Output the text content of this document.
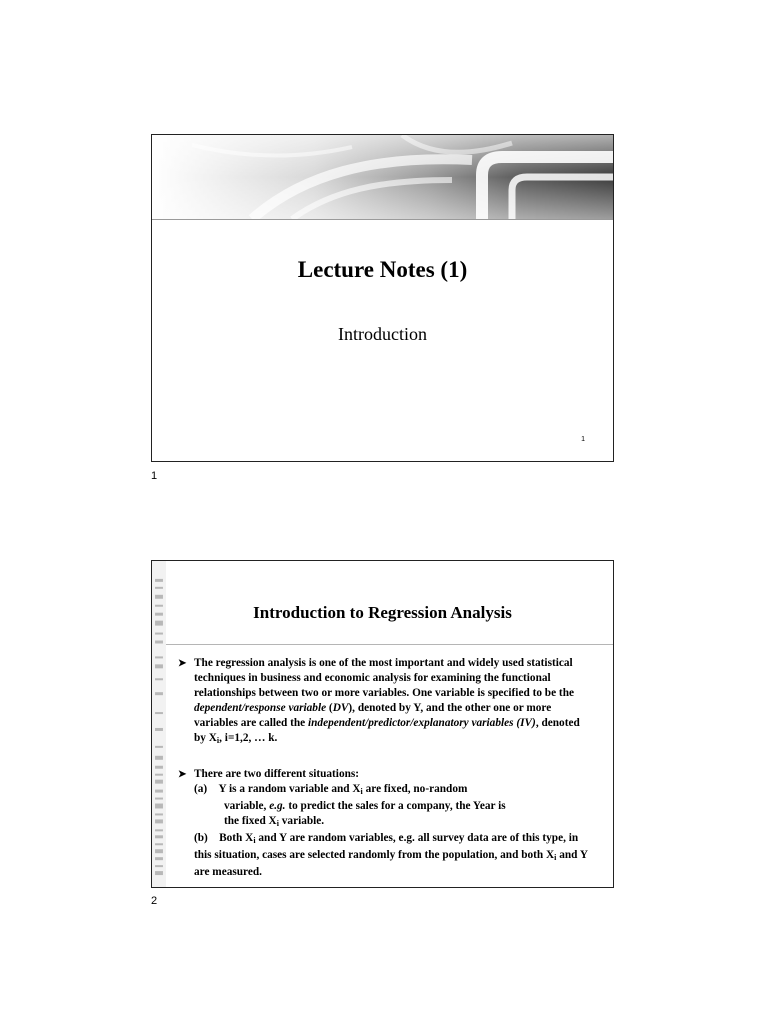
Lecture Notes (1)
Introduction
1
1
Introduction to Regression Analysis
➤ The regression analysis is one of the most important and widely used statistical techniques in business and economic analysis for examining the functional relationships between two or more variables. One variable is specified to be the dependent/response variable (DV), denoted by Y, and the other one or more variables are called the independent/predictor/explanatory variables (IV), denoted by $X_i$, i=1,2, … k.
➤ There are two different situations:
(a) Y is a random variable and $X_i$ are fixed, no-random
variable, e.g. to predict the sales for a company, the Year is
the fixed $X_i$ variable.
(b) Both $X_i$ and Y are random variables, e.g. all survey data are of this type, in this situation, cases are selected randomly from the population, and both $X_i$ and Y are measured.
2
